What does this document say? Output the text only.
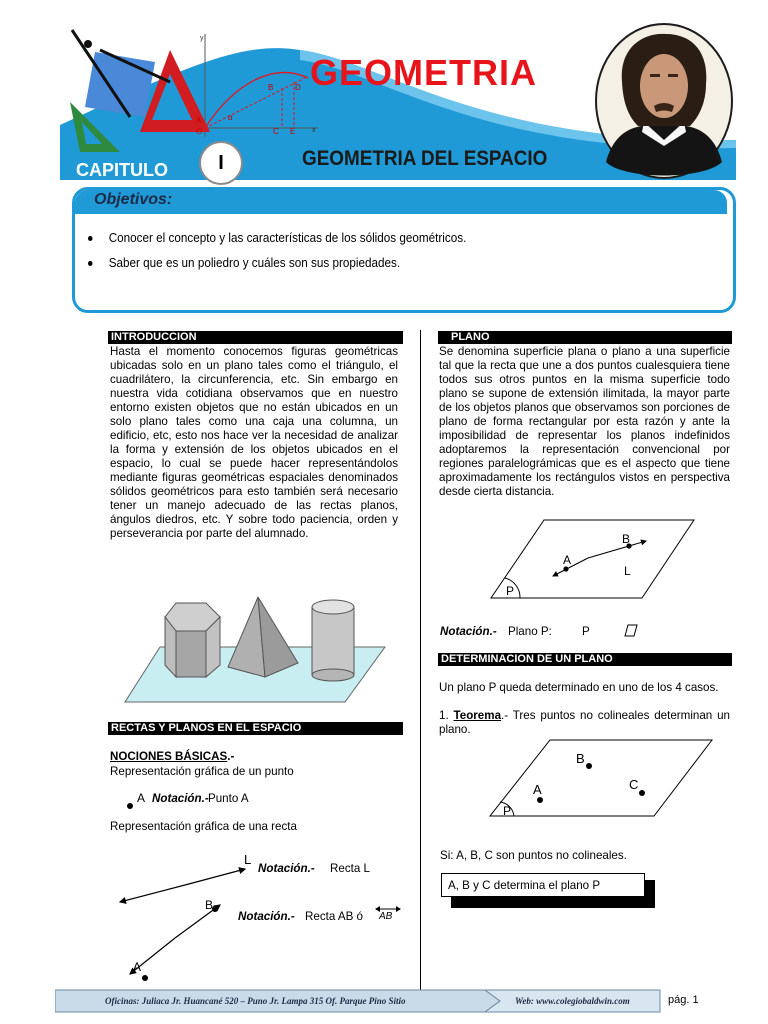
y
x
O
A	α
B
C
D
E
GEOMETRIA
CAPITULO	I	GEOMETRIA DEL ESPACIO
Objetivos:
Conocer el concepto y las características de los sólidos geométricos.
Saber que es un poliedro y cuáles son sus propiedades.
INTRODUCCION
Hasta el momento conocemos figuras geométricas ubicadas solo en un plano tales como el triángulo, el cuadrilátero, la circunferencia, etc. Sin embargo en nuestra vida cotidiana observamos que en nuestro entorno existen objetos que no están ubicados en un solo plano tales como una caja una columna, un edificio, etc, esto nos hace ver la necesidad de analizar la forma y extensión de los objetos ubicados en el espacio, lo cual se puede hacer representándolos mediante figuras geométricas espaciales denominados sólidos geométricos para esto también será necesario tener un manejo adecuado de las rectas planos, ángulos diedros, etc. Y sobre todo paciencia, orden y perseverancia por parte del alumnado.
RECTAS Y PLANOS EN EL ESPACIO
NOCIONES BÁSICAS.-
Representación gráfica de un punto
A Notación.- Punto A
Representación gráfica de una recta
L
Notación.- Recta L
B
A
Notación.- Recta AB ó AB
PLANO
Se denomina superficie plana o plano a una superficie tal que la recta que une a dos puntos cualesquiera tiene todos sus otros puntos en la misma superficie todo plano se supone de extensión ilimitada, la mayor parte de los objetos planos que observamos son porciones de plano de forma rectangular por esta razón y ante la imposibilidad de representar los planos indefinidos adoptaremos la representación convencional por regiones paralelográmicas que es el aspecto que tiene aproximadamente los rectángulos vistos en perspectiva desde cierta distancia.
A
B
L
P
Notación.- Plano P:	P
DETERMINACION DE UN PLANO
Un plano P queda determinado en uno de los 4 casos.
1. Teorema.- Tres puntos no colineales determinan un plano.
B
A	C
P
Si: A, B, C son puntos no colineales.
A, B y C determina el plano P
Oficinas: Juliaca Jr. Huancané 520 – Puno Jr. Lampa 315 Of. Parque Pino Sitio	Web: www.colegiobaldwin.com	pág. 1
